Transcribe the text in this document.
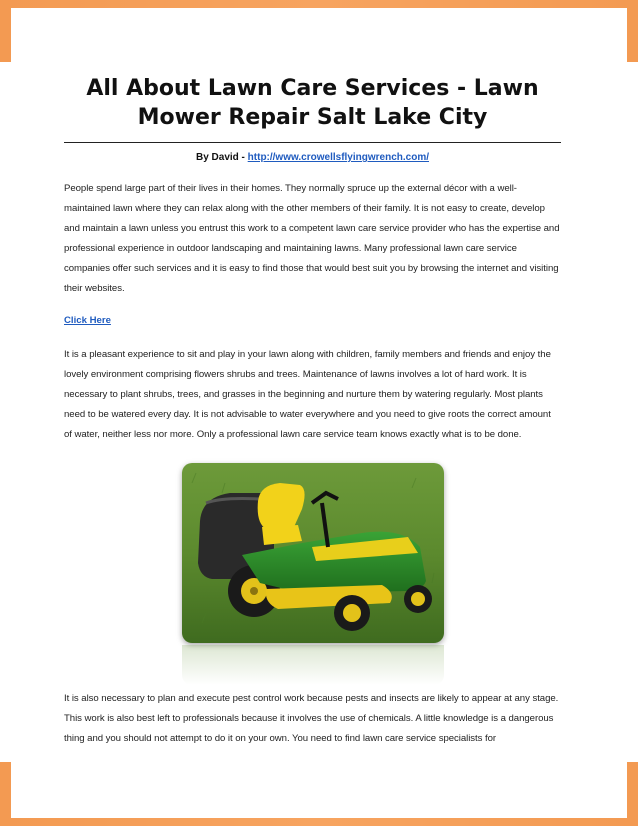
All About Lawn Care Services - Lawn Mower Repair Salt Lake City
By David - http://www.crowellsflyingwrench.com/

People spend large part of their lives in their homes. They normally spruce up the external décor with a well-maintained lawn where they can relax along with the other members of their family. It is not easy to create, develop and maintain a lawn unless you entrust this work to a competent lawn care service provider who has the expertise and professional experience in outdoor landscaping and maintaining lawns. Many professional lawn care service companies offer such services and it is easy to find those that would best suit you by browsing the internet and visiting their websites.

Click Here

It is a pleasant experience to sit and play in your lawn along with children, family members and friends and enjoy the lovely environment comprising flowers shrubs and trees. Maintenance of lawns involves a lot of hard work. It is necessary to plant shrubs, trees, and grasses in the beginning and nurture them by watering regularly. Most plants need to be watered every day. It is not advisable to water everywhere and you need to give roots the correct amount of water, neither less nor more. Only a professional lawn care service team knows exactly what is to be done.

It is also necessary to plan and execute pest control work because pests and insects are likely to appear at any stage. This work is also best left to professionals because it involves the use of chemicals. A little knowledge is a dangerous thing and you should not attempt to do it on your own. You need to find lawn care service specialists for
